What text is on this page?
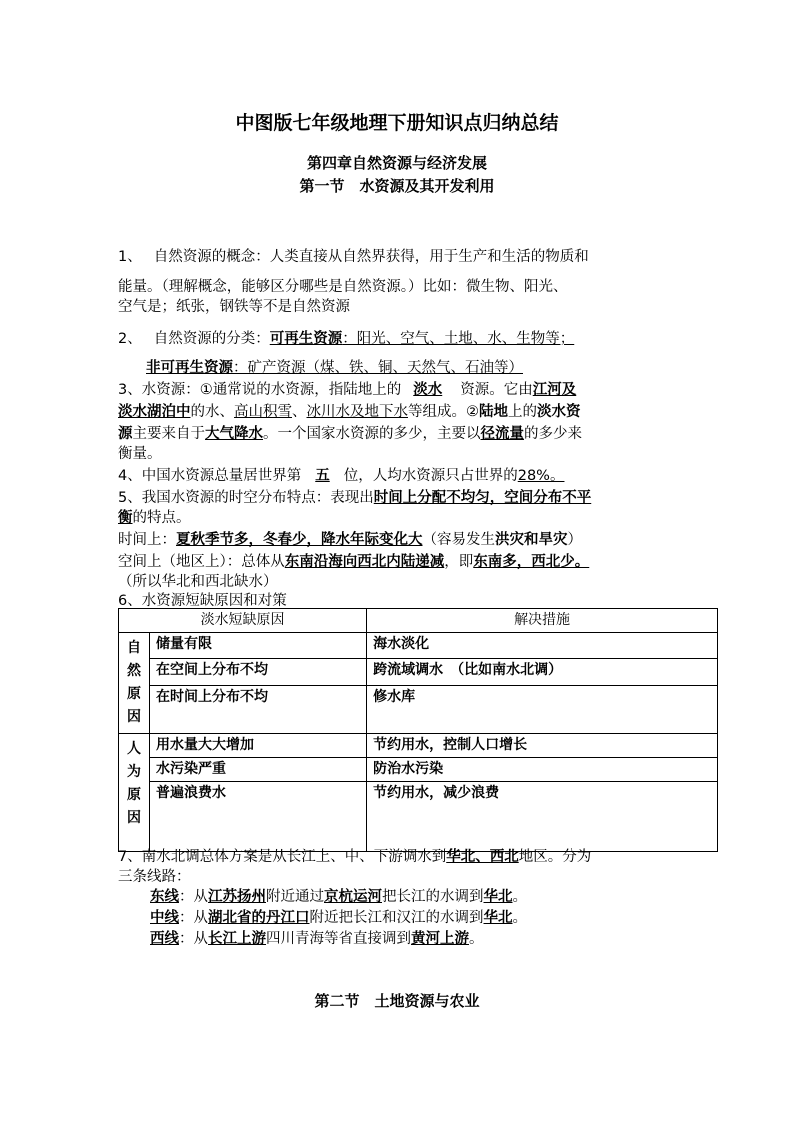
中图版七年级地理下册知识点归纳总结
第四章自然资源与经济发展
第一节　水资源及其开发利用
1、 自然资源的概念：人类直接从自然界获得，用于生产和生活的物质和
能量。（理解概念，能够区分哪些是自然资源。）比如：微生物、阳光、
空气是；纸张，钢铁等不是自然资源
2、 自然资源的分类：可再生资源：阳光、空气、土地、水、生物等；
非可再生资源：矿产资源（煤、铁、铜、天然气、石油等）
3、水资源：①通常说的水资源，指陆地上的 淡水 资源。它由江河及
淡水湖泊中的水、高山积雪、冰川水及地下水等组成。②陆地上的淡水资
源主要来自于大气降水。一个国家水资源的多少，主要以径流量的多少来
衡量。
4、中国水资源总量居世界第 五 位，人均水资源只占世界的28%。
5、我国水资源的时空分布特点：表现出时间上分配不均匀，空间分布不平
衡的特点。
时间上：夏秋季节多，冬春少，降水年际变化大（容易发生洪灾和旱灾）
空间上（地区上）：总体从东南沿海向西北内陆递减，即东南多，西北少。
（所以华北和西北缺水）
6、水资源短缺原因和对策
淡水短缺原因		解决措施

自
然
原
因	储量有限	海水淡化
	在空间上分布不均	跨流域调水　（比如南水北调）
	在时间上分布不均	修水库

人
为
原
因	用水量大大增加	节约用水，控制人口增长
	水污染严重	防治水污染
	普遍浪费水	节约用水，减少浪费
7、南水北调总体方案是从长江上、中、下游调水到华北、西北地区。分为
三条线路：
东线：从江苏扬州附近通过京杭运河把长江的水调到华北。
中线：从湖北省的丹江口附近把长江和汉江的水调到华北。
西线：从长江上游四川青海等省直接调到黄河上游。
第二节　土地资源与农业
